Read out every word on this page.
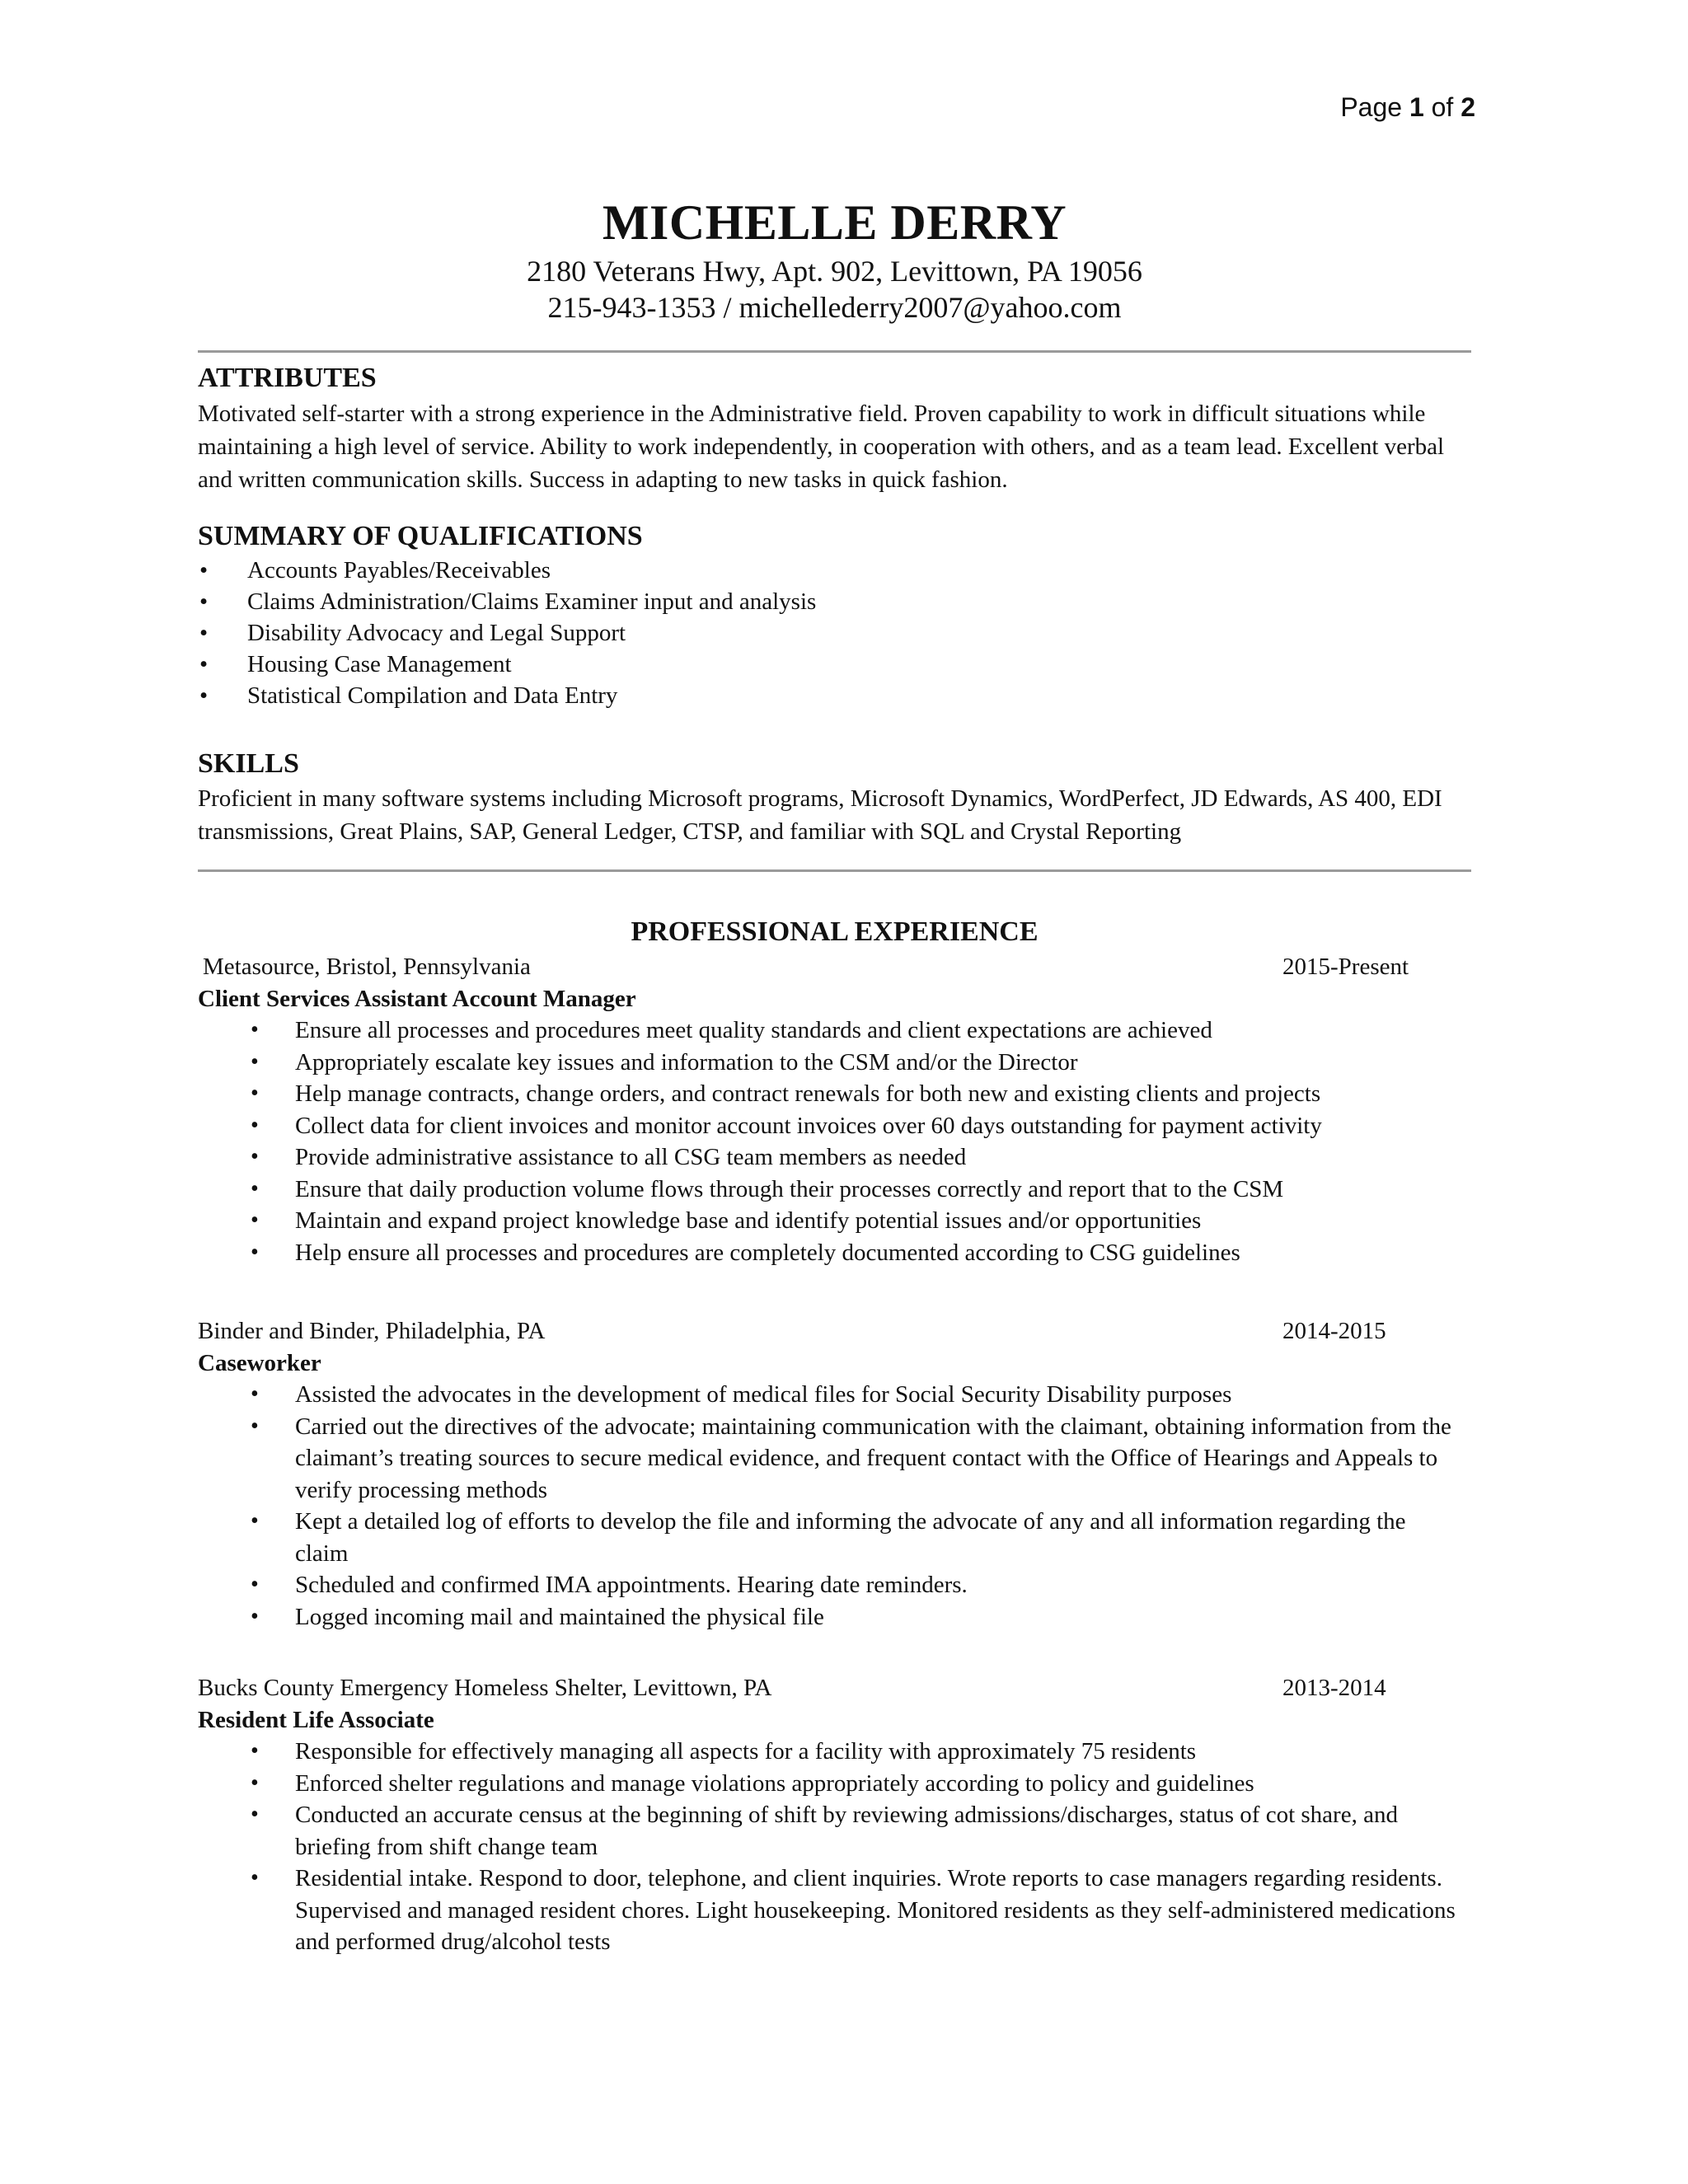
Page 1 of 2
MICHELLE DERRY
2180 Veterans Hwy, Apt. 902, Levittown, PA 19056
215-943-1353 / michellederry2007@yahoo.com
ATTRIBUTES
Motivated self-starter with a strong experience in the Administrative field. Proven capability to work in difficult situations while maintaining a high level of service. Ability to work independently, in cooperation with others, and as a team lead. Excellent verbal and written communication skills. Success in adapting to new tasks in quick fashion.
SUMMARY OF QUALIFICATIONS
• Accounts Payables/Receivables
• Claims Administration/Claims Examiner input and analysis
• Disability Advocacy and Legal Support
• Housing Case Management
• Statistical Compilation and Data Entry
SKILLS
Proficient in many software systems including Microsoft programs, Microsoft Dynamics, WordPerfect, JD Edwards, AS 400, EDI transmissions, Great Plains, SAP, General Ledger, CTSP, and familiar with SQL and Crystal Reporting
PROFESSIONAL EXPERIENCE
Metasource, Bristol, Pennsylvania	2015-Present
Client Services Assistant Account Manager
• Ensure all processes and procedures meet quality standards and client expectations are achieved
• Appropriately escalate key issues and information to the CSM and/or the Director
• Help manage contracts, change orders, and contract renewals for both new and existing clients and projects
• Collect data for client invoices and monitor account invoices over 60 days outstanding for payment activity
• Provide administrative assistance to all CSG team members as needed
• Ensure that daily production volume flows through their processes correctly and report that to the CSM
• Maintain and expand project knowledge base and identify potential issues and/or opportunities
• Help ensure all processes and procedures are completely documented according to CSG guidelines
Binder and Binder, Philadelphia, PA	2014-2015
Caseworker
• Assisted the advocates in the development of medical files for Social Security Disability purposes
• Carried out the directives of the advocate; maintaining communication with the claimant, obtaining information from the claimant’s treating sources to secure medical evidence, and frequent contact with the Office of Hearings and Appeals to verify processing methods
• Kept a detailed log of efforts to develop the file and informing the advocate of any and all information regarding the claim
• Scheduled and confirmed IMA appointments. Hearing date reminders.
• Logged incoming mail and maintained the physical file
Bucks County Emergency Homeless Shelter, Levittown, PA	2013-2014
Resident Life Associate
• Responsible for effectively managing all aspects for a facility with approximately 75 residents
• Enforced shelter regulations and manage violations appropriately according to policy and guidelines
• Conducted an accurate census at the beginning of shift by reviewing admissions/discharges, status of cot share, and briefing from shift change team
• Residential intake. Respond to door, telephone, and client inquiries. Wrote reports to case managers regarding residents. Supervised and managed resident chores. Light housekeeping. Monitored residents as they self-administered medications and performed drug/alcohol tests
